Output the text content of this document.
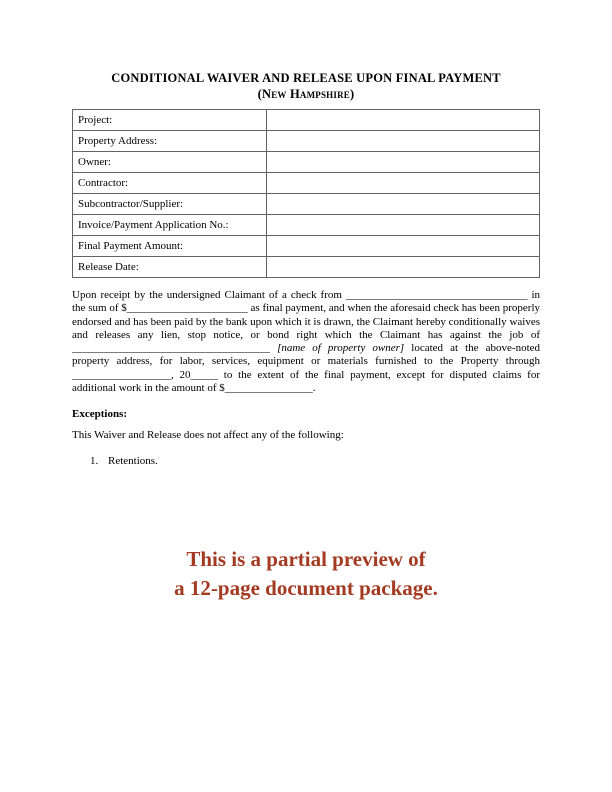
CONDITIONAL WAIVER AND RELEASE UPON FINAL PAYMENT
(New Hampshire)
Project:	
Property Address:	
Owner:	
Contractor:	
Subcontractor/Supplier:	
Invoice/Payment Application No.:	
Final Payment Amount:	
Release Date:	

Upon receipt by the undersigned Claimant of a check from _________________________________ in the sum of $______________________ as final payment, and when the aforesaid check has been properly endorsed and has been paid by the bank upon which it is drawn, the Claimant hereby conditionally waives and releases any lien, stop notice, or bond right which the Claimant has against the job of ____________________________________ [name of property owner] located at the above-noted property address, for labor, services, equipment or materials furnished to the Property through __________________, 20_____ to the extent of the final payment, except for disputed claims for additional work in the amount of $________________.

Exceptions:
This Waiver and Release does not affect any of the following:
1. Retentions.
This is a partial preview of
a 12-page document package.
